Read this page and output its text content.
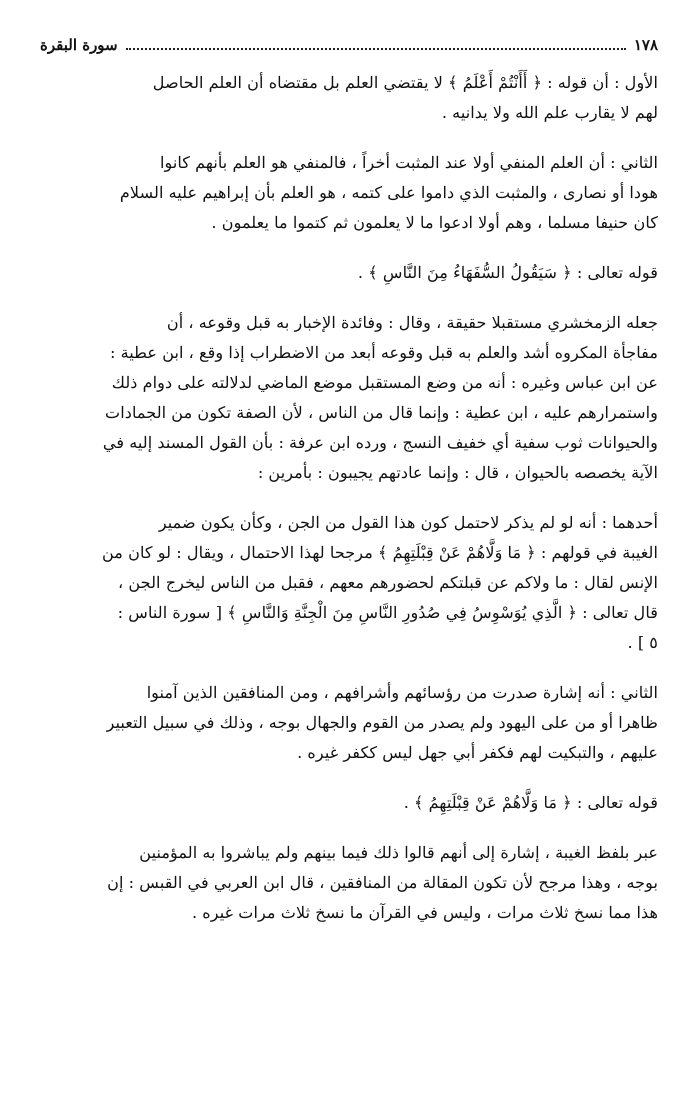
١٧٨
سورة البقرة

الأول : أن قوله : ﴿ أَأَنْتُمْ أَعْلَمُ ﴾ لا يقتضي العلم بل مقتضاه أن العلم الحاصل
لهم لا يقارب علم الله ولا يدانيه .

الثاني : أن العلم المنفي أولا عند المثبت أخراً ، فالمنفي هو العلم بأنهم كانوا
هودا أو نصارى ، والمثبت الذي داموا على كتمه ، هو العلم بأن إبراهيم عليه السلام
كان حنيفا مسلما ، وهم أولا ادعوا ما لا يعلمون ثم كتموا ما يعلمون .

قوله تعالى : ﴿ سَيَقُولُ السُّفَهَاءُ مِنَ النَّاسِ ﴾ .

جعله الزمخشري مستقبلا حقيقة ، وقال : وفائدة الإخبار به قبل وقوعه ، أن
مفاجأة المكروه أشد والعلم به قبل وقوعه أبعد من الاضطراب إذا وقع ، ابن عطية :
عن ابن عباس وغيره : أنه من وضع المستقبل موضع الماضي لدلالته على دوام ذلك
واستمرارهم عليه ، ابن عطية : وإنما قال من الناس ، لأن الصفة تكون من الجمادات
والحيوانات ثوب سفية أي خفيف النسج ، ورده ابن عرفة : بأن القول المسند إليه في
الآية يخصصه بالحيوان ، قال : وإنما عادتهم يجيبون : بأمرين :

أحدهما : أنه لو لم يذكر لاحتمل كون هذا القول من الجن ، وكأن يكون ضمير
الغيبة في قولهم : ﴿ مَا وَلَّاهُمْ عَنْ قِبْلَتِهِمُ ﴾ مرجحا لهذا الاحتمال ، ويقال : لو كان من
الإنس لقال : ما ولاكم عن قبلتكم لحضورهم معهم ، فقبل من الناس ليخرج الجن ،
قال تعالى : ﴿ الَّذِي يُوَسْوِسُ فِي صُدُورِ النَّاسِ مِنَ الْجِنَّةِ وَالنَّاسِ ﴾ [ سورة الناس :
٥ ] .

الثاني : أنه إشارة صدرت من رؤسائهم وأشرافهم ، ومن المنافقين الذين آمنوا
ظاهرا أو من على اليهود ولم يصدر من القوم والجهال بوجه ، وذلك في سبيل التعبير
عليهم ، والتبكيت لهم فكفر أبي جهل ليس ككفر غيره .

قوله تعالى : ﴿ مَا وَلَّاهُمْ عَنْ قِبْلَتِهِمُ ﴾ .

عبر بلفظ الغيبة ، إشارة إلى أنهم قالوا ذلك فيما بينهم ولم يباشروا به المؤمنين
بوجه ، وهذا مرجح لأن تكون المقالة من المنافقين ، قال ابن العربي في القبس : إن
هذا مما نسخ ثلاث مرات ، وليس في القرآن ما نسخ ثلاث مرات غيره .
